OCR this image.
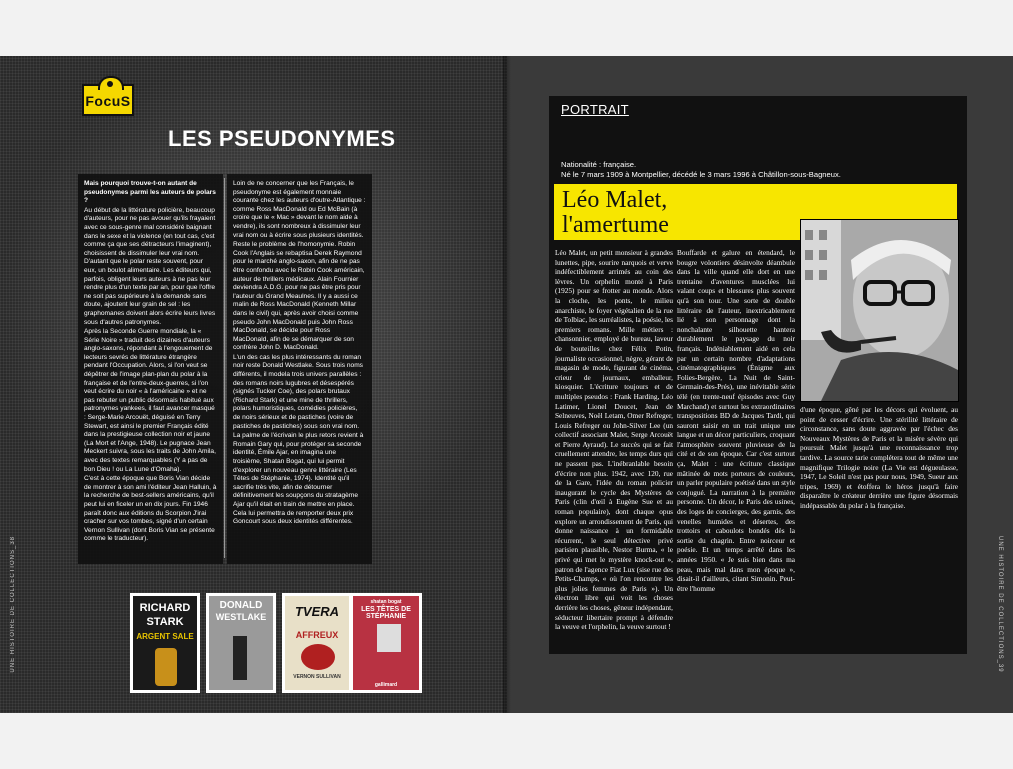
FocuS
LES PSEUDONYMES

Mais pourquoi trouve-t-on autant de pseudonymes parmi les auteurs de polars ?

Au début de la littérature policière, beaucoup d'auteurs, pour ne pas avouer qu'ils frayaient avec ce sous-genre mal considéré baignant dans le sexe et la violence (en tout cas, c'est comme ça que ses détracteurs l'imaginent), choisissent de dissimuler leur vrai nom. D'autant que le polar reste souvent, pour eux, un boulot alimentaire. Les éditeurs qui, parfois, obligent leurs auteurs à ne pas leur rendre plus d'un texte par an, pour que l'offre ne soit pas supérieure à la demande sans doute, ajoutent leur grain de sel : les graphomanes doivent alors écrire leurs livres sous d'autres patronymes.

Après la Seconde Guerre mondiale, la « Série Noire » traduit des dizaines d'auteurs anglo-saxons, répondant à l'engouement de lecteurs sevrés de littérature étrangère pendant l'Occupation. Alors, si l'on veut se dépêtrer de l'image plan-plan du polar à la française et de l'entre-deux-guerres, si l'on veut écrire du noir « à l'américaine » et ne pas rebuter un public désormais habitué aux patronymes yankees, il faut avancer masqué : Serge-Marie Arcouët, déguisé en Terry Stewart, est ainsi le premier Français édité dans la prestigieuse collection noir et jaune (La Mort et l'Ange, 1948). Le pugnace Jean Meckert suivra, sous les traits de John Amila, avec des textes remarquables (Y a pas de bon Dieu ! ou La Lune d'Omaha).

C'est à cette époque que Boris Vian décide de montrer à son ami l'éditeur Jean Halluin, à la recherche de best-sellers américains, qu'il peut lui en ficeler un en dix jours. Fin 1946 paraît donc aux éditions du Scorpion J'irai cracher sur vos tombes, signé d'un certain Vernon Sullivan (dont Boris Vian se présente comme le traducteur).

Loin de ne concerner que les Français, le pseudonyme est également monnaie courante chez les auteurs d'outre-Atlantique : comme Ross MacDonald ou Ed McBain (à croire que le « Mac » devant le nom aide à vendre), ils sont nombreux à dissimuler leur vrai nom ou à écrire sous plusieurs identités.

Reste le problème de l'homonymie. Robin Cook l'Anglais se rebaptisa Derek Raymond pour le marché anglo-saxon, afin de ne pas être confondu avec le Robin Cook américain, auteur de thrillers médicaux. Alain Fournier deviendra A.D.G. pour ne pas être pris pour l'auteur du Grand Meaulnes. Il y a aussi ce malin de Ross MacDonald (Kenneth Millar dans le civil) qui, après avoir choisi comme pseudo John MacDonald puis John Ross MacDonald, se décide pour Ross MacDonald, afin de se démarquer de son confrère John D. MacDonald.

L'un des cas les plus intéressants du roman noir reste Donald Westlake. Sous trois noms différents, il modela trois univers parallèles : des romans noirs lugubres et désespérés (signés Tucker Coe), des polars brutaux (Richard Stark) et une mine de thrillers, polars humoristiques, comédies policières, de noirs sérieux et de pastiches (voire de pastiches de pastiches) sous son vrai nom.

La palme de l'écrivain le plus retors revient à Romain Gary qui, pour protéger sa seconde identité, Émile Ajar, en imagina une troisième, Shatan Bogat, qui lui permit d'explorer un nouveau genre littéraire (Les Têtes de Stéphanie, 1974). Identité qu'il sacrifie très vite, afin de détourner définitivement les soupçons du stratagème Ajar qu'il était en train de mettre en place. Cela lui permettra de remporter deux prix Goncourt sous deux identités différentes.

RICHARD
STARK
ARGENT SALE
DONALD
WESTLAKE	TVERA
AFFREUX
VERNON SULLIVAN
shatan bogat
LES TÊTES DE STÉPHANIE
gallimard
UNE HISTOIRE DE COLLECTIONS_38
PORTRAIT
Nationalité : française.
Né le 7 mars 1909 à Montpellier, décédé le 3 mars 1996 à Châtillon-sous-Bagneux.
Léo Malet,
l'amertume

Léo Malet, un petit monsieur à grandes lunettes, pipe, sourire narquois et verve indéfectiblement arrimés au coin des lèvres. Un orphelin monté à Paris (1925) pour se frotter au monde. Alors la cloche, les ponts, le milieu anarchiste, le foyer végétalien de la rue de Tolbiac, les surréalistes, la poésie, les premiers romans. Mille métiers : chansonnier, employé de bureau, laveur de bouteilles chez Félix Potin, journaliste occasionnel, nègre, gérant de magasin de mode, figurant de cinéma, crieur de journaux, emballeur, kiosquier. L'écriture toujours et de multiples pseudos : Frank Harding, Léo Latimer, Lionel Doucet, Jean de Selneuves, Noël Letam, Omer Refreger, Louis Refreger ou John-Silver Lee (un collectif associant Malet, Serge Arcouët et Pierre Ayraud). Le succès qui se fait cruellement attendre, les temps durs qui ne passent pas. L'inébranlable besoin d'écrire non plus. 1942, avec 120, rue de la Gare, l'idée du roman policier inaugurant le cycle des Mystères de Paris (clin d'œil à Eugène Sue et au roman populaire), dont chaque opus explore un arrondissement de Paris, qui donne naissance à un formidable récurrent, le seul détective privé parisien plausible, Nestor Burma, « le privé qui met le mystère knock-out », patron de l'agence Fiat Lux (sise rue des Petits-Champs, « où l'on rencontre les plus jolies femmes de Paris »). Un électron libre qui voit les choses derrière les choses, gêneur indépendant, séducteur libertaire prompt à défendre la veuve et l'orphelin, la veuve surtout !

Bouffarde et galure en étendard, le bougre volontiers désinvolte déambule dans la ville quand elle dort en une trentaine d'aventures musclées lui valant coups et blessures plus souvent qu'à son tour. Une sorte de double littéraire de l'auteur, inextricablement lié à son personnage dont la nonchalante silhouette hantera durablement le paysage du noir français. Indéniablement aidé en cela par un certain nombre d'adaptations cinématographiques (Énigme aux Folies-Bergère, La Nuit de Saint-Germain-des-Prés), une inévitable série télé (en trente-neuf épisodes avec Guy Marchand) et surtout les extraordinaires transpositions BD de Jacques Tardi, qui sauront saisir en un trait unique une langue et un décor particuliers, croquant l'atmosphère souvent pluvieuse de la cité et de son époque. Car c'est surtout ça, Malet : une écriture classique mâtinée de mots porteurs de couleurs, un parler populaire poétisé dans un style conjugué. La narration à la première personne. Un décor, le Paris des usines, des loges de concierges, des garnis, des venelles humides et désertes, des trottoirs et caboulots bondés dès la sortie du chagrin. Entre noirceur et poésie. Et un temps arrêté dans les années 1950. « Je suis bien dans ma peau, mais mal dans mon époque », disait-il d'ailleurs, citant Simonin. Peut-être l'homme

d'une époque, gêné par les décors qui évoluent, au point de cesser d'écrire. Une stérilité littéraire de circonstance, sans doute aggravée par l'échec des Nouveaux Mystères de Paris et la misère sévère qui poursuit Malet jusqu'à une reconnaissance trop tardive. La source tarie complétera tout de même une magnifique Trilogie noire (La Vie est dégueulasse, 1947, Le Soleil n'est pas pour nous, 1949, Sueur aux tripes, 1969) et étoffera le héros jusqu'à faire disparaître le créateur derrière une figure désormais indépassable du polar à la française.

UNE HISTOIRE DE COLLECTIONS_39
